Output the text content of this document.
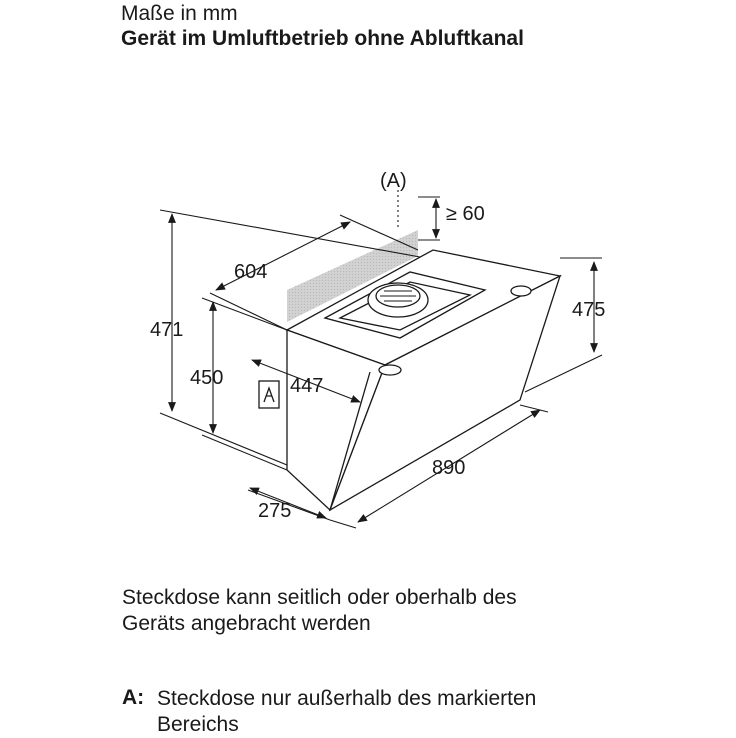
Maße in mm
Gerät im Umluftbetrieb ohne Abluftkanal
(A)
≥ 60
604
471
450	447
475
890
275
Steckdose kann seitlich oder oberhalb des
Geräts angebracht werden
A: Steckdose nur außerhalb des markierten
Bereichs
